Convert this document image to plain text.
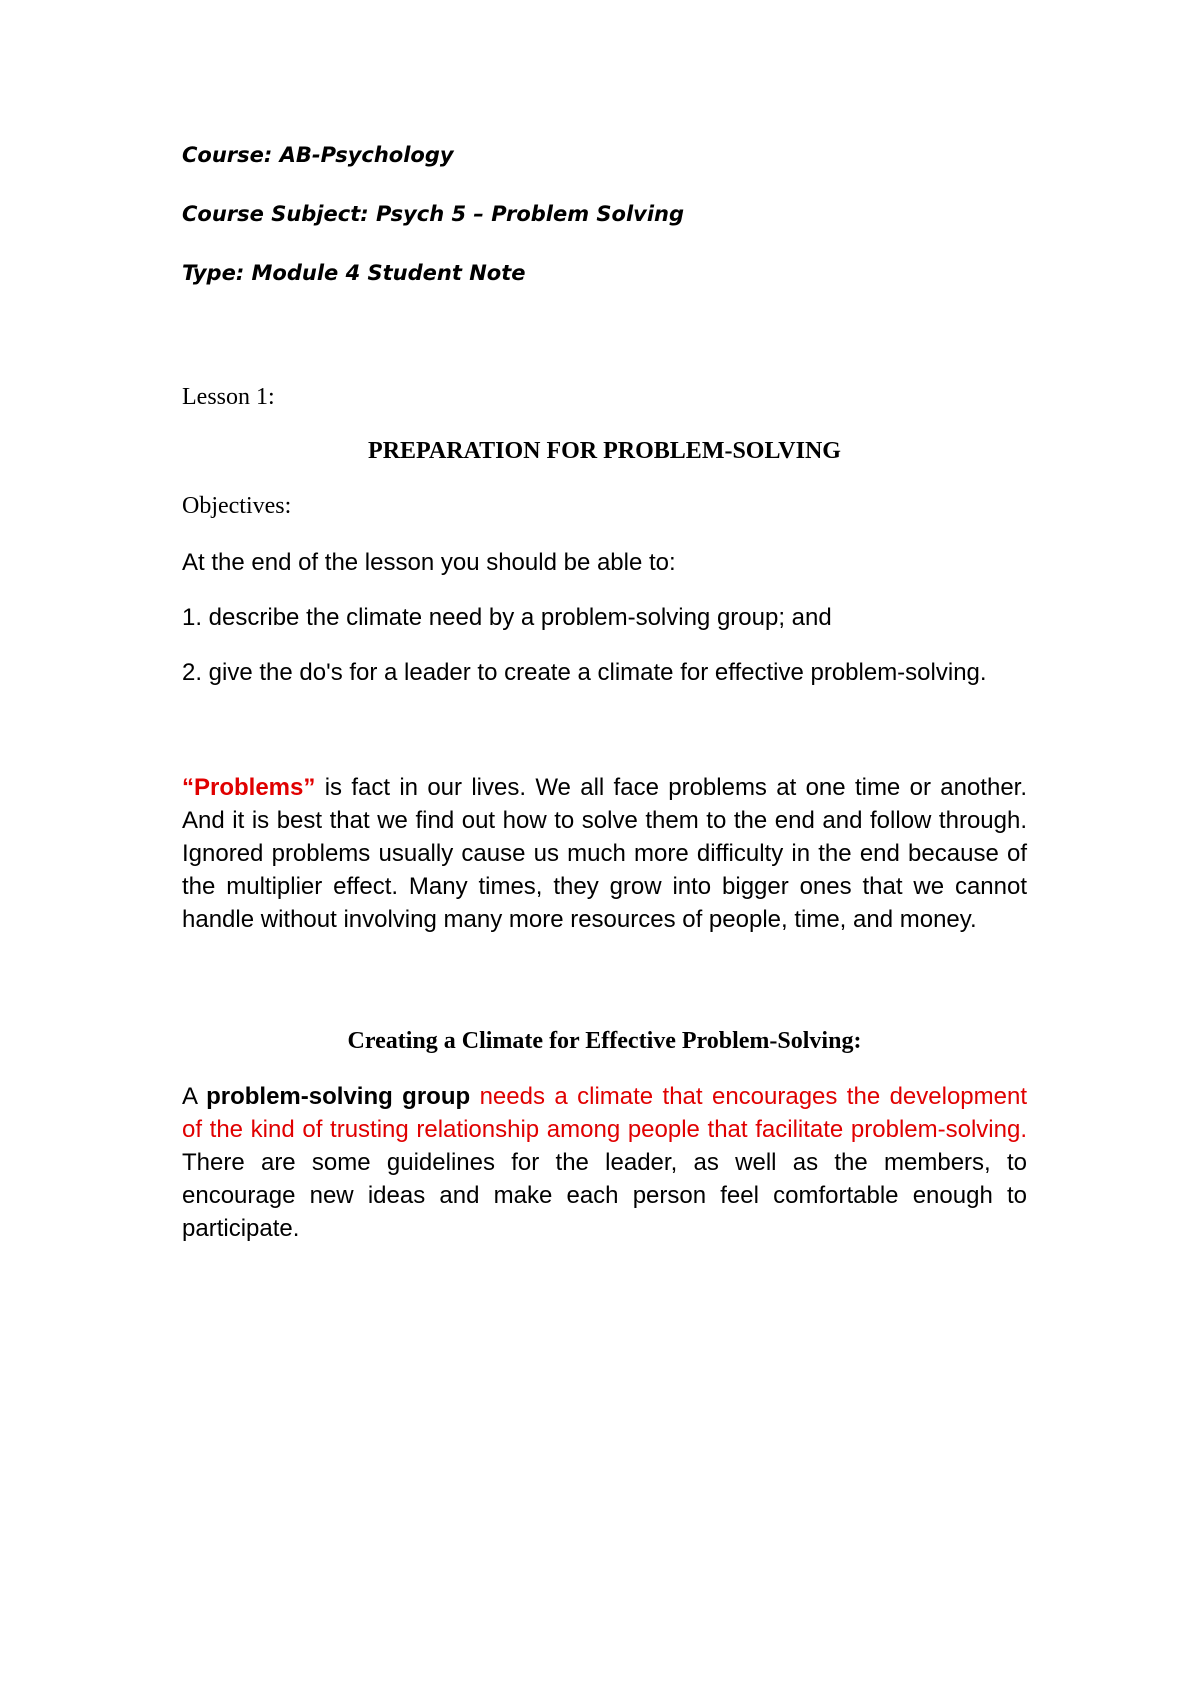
Course: AB-Psychology

Course Subject: Psych 5 – Problem Solving

Type: Module 4 Student Note

Lesson 1:

PREPARATION FOR PROBLEM-SOLVING

Objectives:

At the end of the lesson you should be able to:

1. describe the climate need by a problem-solving group; and

2. give the do's for a leader to create a climate for effective problem-solving.

“Problems” is fact in our lives. We all face problems at one time or another. And it is best that we find out how to solve them to the end and follow through. Ignored problems usually cause us much more difficulty in the end because of the multiplier effect. Many times, they grow into bigger ones that we cannot handle without involving many more resources of people, time, and money.

Creating a Climate for Effective Problem-Solving:

A problem-solving group needs a climate that encourages the development of the kind of trusting relationship among people that facilitate problem-solving. There are some guidelines for the leader, as well as the members, to encourage new ideas and make each person feel comfortable enough to participate.
